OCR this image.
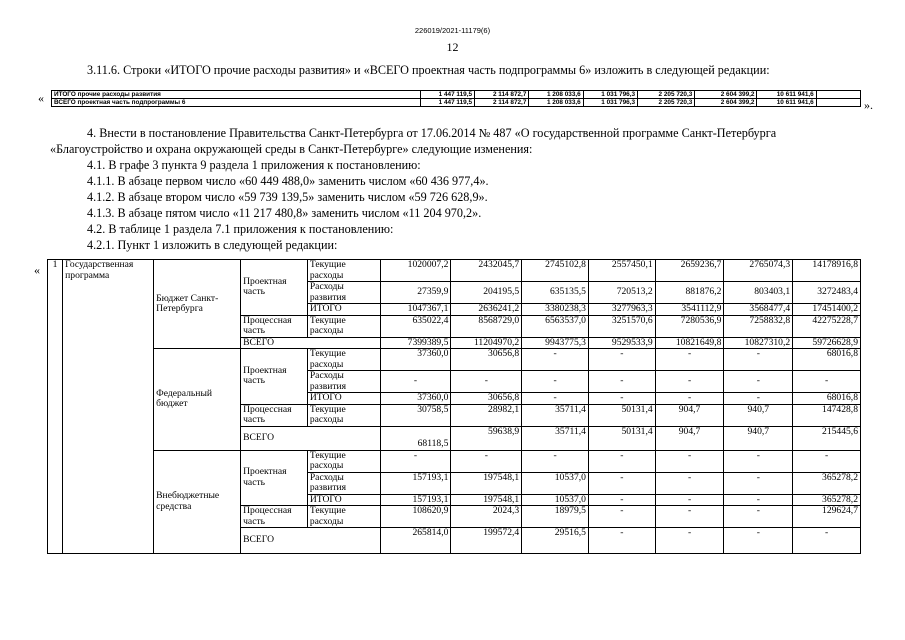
226019/2021-11179(6)
12
3.11.6. Строки «ИТОГО прочие расходы развития» и «ВСЕГО проектная часть подпрограммы 6» изложить в следующей редакции:
« ИТОГО прочие расходы развития	1 447 119,5	2 114 872,7	1 208 033,6	1 031 796,3	2 205 720,3	2 604 399,2	10 611 941,6	
ВСЕГО проектная часть подпрограммы 6	1 447 119,5	2 114 872,7	1 208 033,6	1 031 796,3	2 205 720,3	2 604 399,2	10 611 941,6		».
4. Внести в постановление Правительства Санкт-Петербурга от 17.06.2014 № 487 «О государственной программе Санкт-Петербурга
«Благоустройство и охрана окружающей среды в Санкт-Петербурге» следующие изменения:
4.1. В графе 3 пункта 9 раздела 1 приложения к постановлению:
4.1.1. В абзаце первом число «60 449 488,0» заменить числом «60 436 977,4».
4.1.2. В абзаце втором число «59 739 139,5» заменить числом «59 726 628,9».
4.1.3. В абзаце пятом число «11 217 480,8» заменить числом «11 204 970,2».
4.2. В таблице 1 раздела 7.1 приложения к постановлению:
4.2.1. Пункт 1 изложить в следующей редакции:
« 1	Государственная программа	Бюджет Санкт-Петербурга	Проектная часть	Текущие расходы	1020007,2	2432045,7	2745102,8	2557450,1	2659236,7	2765074,3	14178916,8
				Расходы развития	27359,9	204195,5	635135,5	720513,2	881876,2	803403,1	3272483,4
				ИТОГО	1047367,1	2636241,2	3380238,3	3277963,3	3541112,9	3568477,4	17451400,2
			Процессная часть	Текущие расходы	635022,4	8568729,0	6563537,0	3251570,6	7280536,9	7258832,8	42275228,7
			ВСЕГО		7399389,5	11204970,2	9943775,3	9529533,9	10821649,8	10827310,2	59726628,9
		Федеральный бюджет	Проектная часть	Текущие расходы	37360,0	30656,8	-	-	-	-	68016,8
				Расходы развития	-	-	-	-	-	-	-
				ИТОГО	37360,0	30656,8	-	-	-	-	68016,8
			Процессная часть	Текущие расходы	30758,5	28982,1	35711,4	50131,4	904,7	940,7	147428,8
			ВСЕГО		68118,5	59638,9	35711,4	50131,4	904,7	940,7	215445,6
		Внебюджетные средства	Проектная часть	Текущие расходы	-	-	-	-	-	-	-
				Расходы развития	157193,1	197548,1	10537,0	-	-	-	365278,2
				ИТОГО	157193,1	197548,1	10537,0	-	-	-	365278,2
			Процессная часть	Текущие расходы	108620,9	2024,3	18979,5	-	-	-	129624,7
			ВСЕГО		265814,0	199572,4	29516,5	-	-	-	-
